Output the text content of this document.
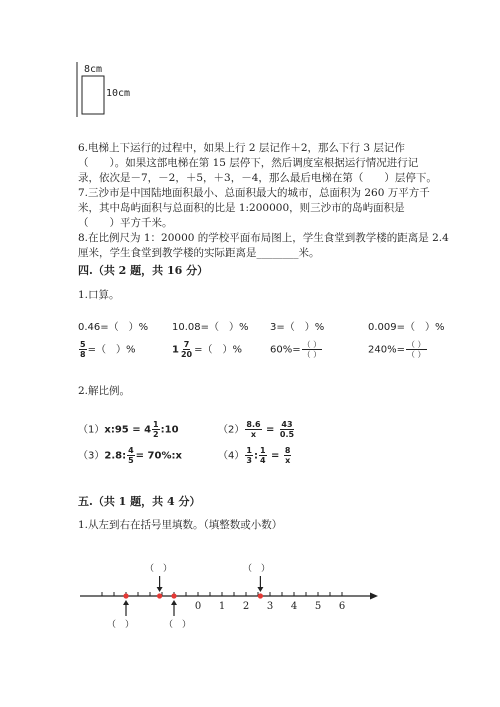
8cm
10cm
6.电梯上下运行的过程中，如果上行 2 层记作＋2，那么下行 3 层记作
（　　）。如果这部电梯在第 15 层停下，然后调度室根据运行情况进行记
录，依次是－7，－2，＋5，＋3，－4，那么最后电梯在第（　　）层停下。
7.三沙市是中国陆地面积最小、总面积最大的城市，总面积为 260 万平方千
米，其中岛屿面积与总面积的比是 1:200000，则三沙市的岛屿面积是
（　　）平方千米。
8.在比例尺为 1：20000 的学校平面布局图上，学生食堂到教学楼的距离是 2.4
厘米，学生食堂到教学楼的实际距离是________米。
四.（共 2 题，共 16 分）
1.口算。
0.46=（　）% 10.08=（　）% 3=（　）%	0.009=（　）%
$\frac{5}{8}$ =（　）%	$1 \frac{7}{20}$ =（　）%	$60\%= \frac{( )}{( )}$	$240\%= \frac{( )}{( )}$
2.解比例。
（1）x:95 = $4 \frac{1}{2}$ :10	$(2) \frac{8.6}{x} = \frac{43}{0.5}$
（3）2.8: $\frac{4}{5}$ = 70%:x	$(4) \frac{1}{3}$ : $\frac{1}{4} = \frac{8}{x}$
五.（共 1 题，共 4 分）
1.从左到右在括号里填数。（填整数或小数）
0 1 2 3 4 5 6
（　）	（　）
（　）	（　）
